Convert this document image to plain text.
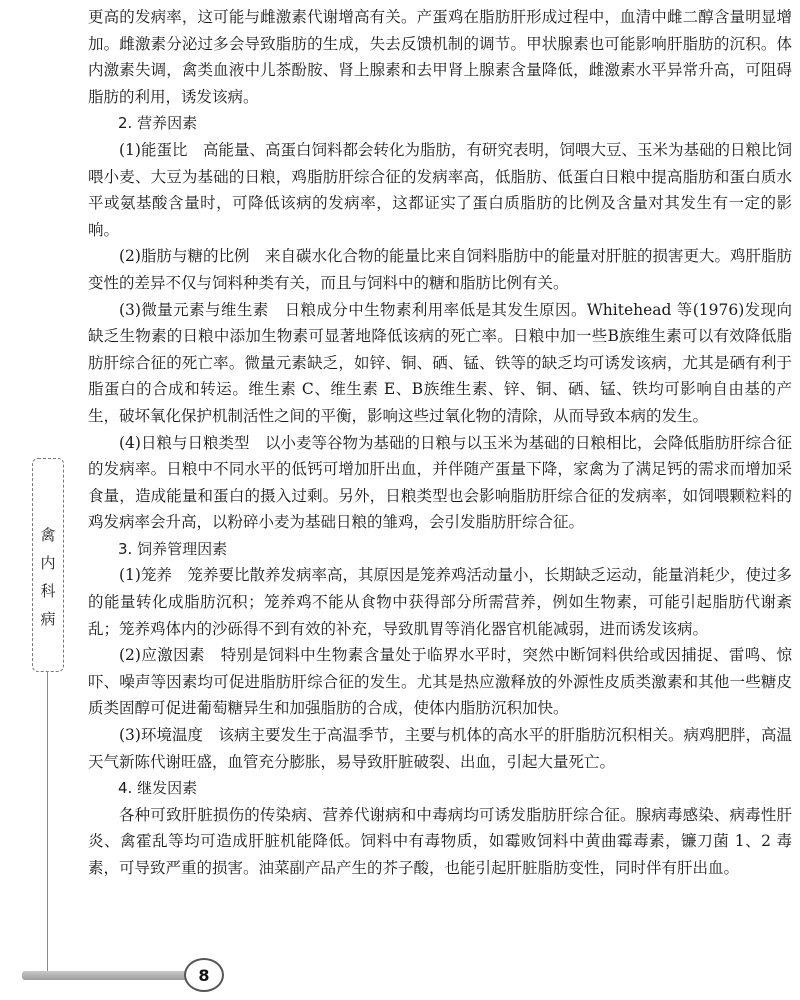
更高的发病率，这可能与雌激素代谢增高有关。产蛋鸡在脂肪肝形成过程中，血清中雌二醇含量明显增加。雌激素分泌过多会导致脂肪的生成，失去反馈机制的调节。甲状腺素也可能影响肝脂肪的沉积。体内激素失调，禽类血液中儿茶酚胺、肾上腺素和去甲肾上腺素含量降低，雌激素水平异常升高，可阻碍脂肪的利用，诱发该病。

2. 营养因素

(1)能蛋比　 高能量、高蛋白饲料都会转化为脂肪，有研究表明，饲喂大豆、玉米为基础的日粮比饲喂小麦、大豆为基础的日粮，鸡脂肪肝综合征的发病率高，低脂肪、低蛋白日粮中提高脂肪和蛋白质水平或氨基酸含量时，可降低该病的发病率，这都证实了蛋白质脂肪的比例及含量对其发生有一定的影响。

(2)脂肪与糖的比例　 来自碳水化合物的能量比来自饲料脂肪中的能量对肝脏的损害更大。鸡肝脂肪变性的差异不仅与饲料种类有关，而且与饲料中的糖和脂肪比例有关。

(3)微量元素与维生素　 日粮成分中生物素利用率低是其发生原因。Whitehead 等(1976)发现向缺乏生物素的日粮中添加生物素可显著地降低该病的死亡率。日粮中加一些B族维生素可以有效降低脂肪肝综合征的死亡率。微量元素缺乏，如锌、铜、硒、锰、铁等的缺乏均可诱发该病，尤其是硒有利于脂蛋白的合成和转运。维生素 C、维生素 E、B族维生素、锌、铜、硒、锰、铁均可影响自由基的产生，破坏氧化保护机制活性之间的平衡，影响这些过氧化物的清除，从而导致本病的发生。

(4)日粮与日粮类型　 以小麦等谷物为基础的日粮与以玉米为基础的日粮相比，会降低脂肪肝综合征的发病率。日粮中不同水平的低钙可增加肝出血，并伴随产蛋量下降，家禽为了满足钙的需求而增加采食量，造成能量和蛋白的摄入过剩。另外，日粮类型也会影响脂肪肝综合征的发病率，如饲喂颗粒料的鸡发病率会升高，以粉碎小麦为基础日粮的雏鸡，会引发脂肪肝综合征。

3. 饲养管理因素

(1)笼养　 笼养要比散养发病率高，其原因是笼养鸡活动量小，长期缺乏运动，能量消耗少，使过多的能量转化成脂肪沉积；笼养鸡不能从食物中获得部分所需营养，例如生物素，可能引起脂肪代谢紊乱；笼养鸡体内的沙砾得不到有效的补充，导致肌胃等消化器官机能减弱，进而诱发该病。

(2)应激因素　 特别是饲料中生物素含量处于临界水平时，突然中断饲料供给或因捕捉、雷鸣、惊吓、噪声等因素均可促进脂肪肝综合征的发生。尤其是热应激释放的外源性皮质类激素和其他一些糖皮质类固醇可促进葡萄糖异生和加强脂肪的合成，使体内脂肪沉积加快。

(3)环境温度　 该病主要发生于高温季节，主要与机体的高水平的肝脂肪沉积相关。病鸡肥胖，高温天气新陈代谢旺盛，血管充分膨胀，易导致肝脏破裂、出血，引起大量死亡。

4. 继发因素

各种可致肝脏损伤的传染病、营养代谢病和中毒病均可诱发脂肪肝综合征。腺病毒感染、病毒性肝炎、禽霍乱等均可造成肝脏机能降低。饲料中有毒物质，如霉败饲料中黄曲霉毒素，镰刀菌 1、2 毒素，可导致严重的损害。油菜副产品产生的芥子酸，也能引起肝脏脂肪变性，同时伴有肝出血。

禽
内
科
病
8
